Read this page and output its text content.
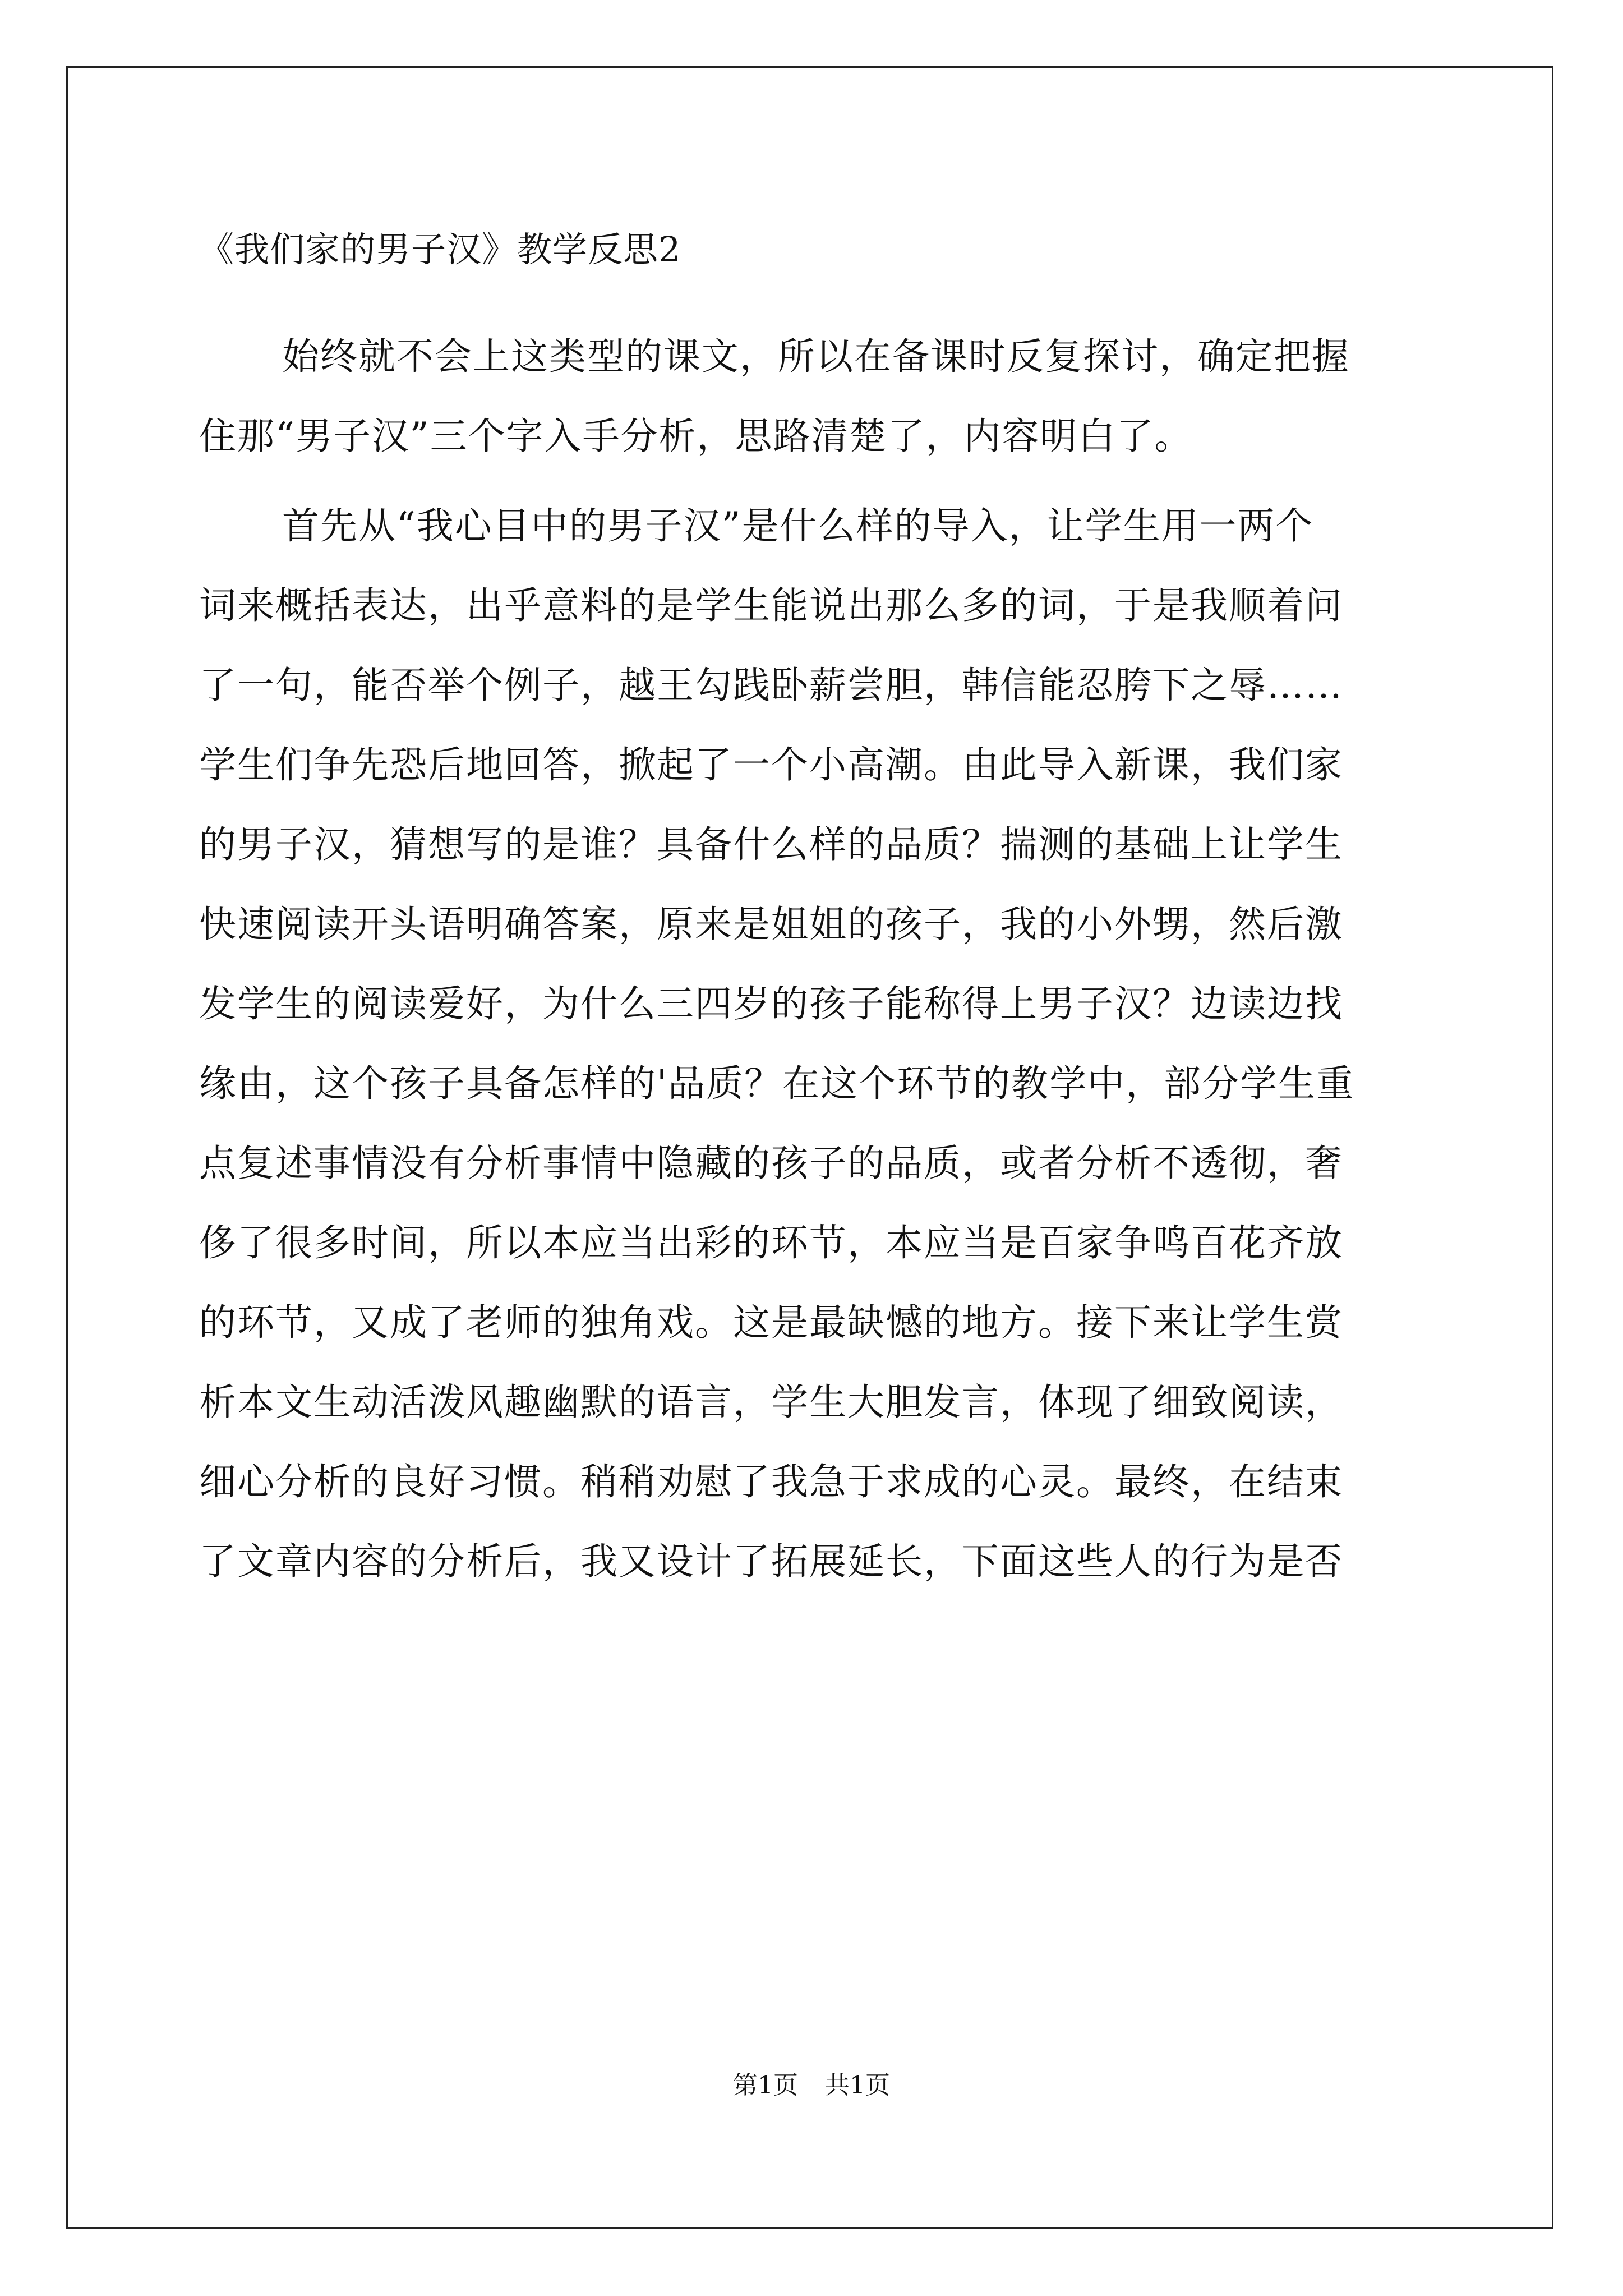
《我们家的男子汉》教学反思2
始终就不会上这类型的课文，所以在备课时反复探讨，确定把握
住那“男子汉”三个字入手分析，思路清楚了，内容明白了。
首先从“我心目中的男子汉”是什么样的导入，让学生用一两个
词来概括表达，出乎意料的是学生能说出那么多的词，于是我顺着问
了一句，能否举个例子，越王勾践卧薪尝胆，韩信能忍胯下之辱……
学生们争先恐后地回答，掀起了一个小高潮。由此导入新课，我们家
的男子汉，猜想写的是谁？具备什么样的品质？揣测的基础上让学生
快速阅读开头语明确答案，原来是姐姐的孩子，我的小外甥，然后激
发学生的阅读爱好，为什么三四岁的孩子能称得上男子汉？边读边找
缘由，这个孩子具备怎样的'品质？在这个环节的教学中，部分学生重
点复述事情没有分析事情中隐藏的孩子的品质，或者分析不透彻，奢
侈了很多时间，所以本应当出彩的环节，本应当是百家争鸣百花齐放
的环节，又成了老师的独角戏。这是最缺憾的地方。接下来让学生赏
析本文生动活泼风趣幽默的语言，学生大胆发言，体现了细致阅读，
细心分析的良好习惯。稍稍劝慰了我急于求成的心灵。最终，在结束
了文章内容的分析后，我又设计了拓展延长，下面这些人的行为是否
第1页 共1页
